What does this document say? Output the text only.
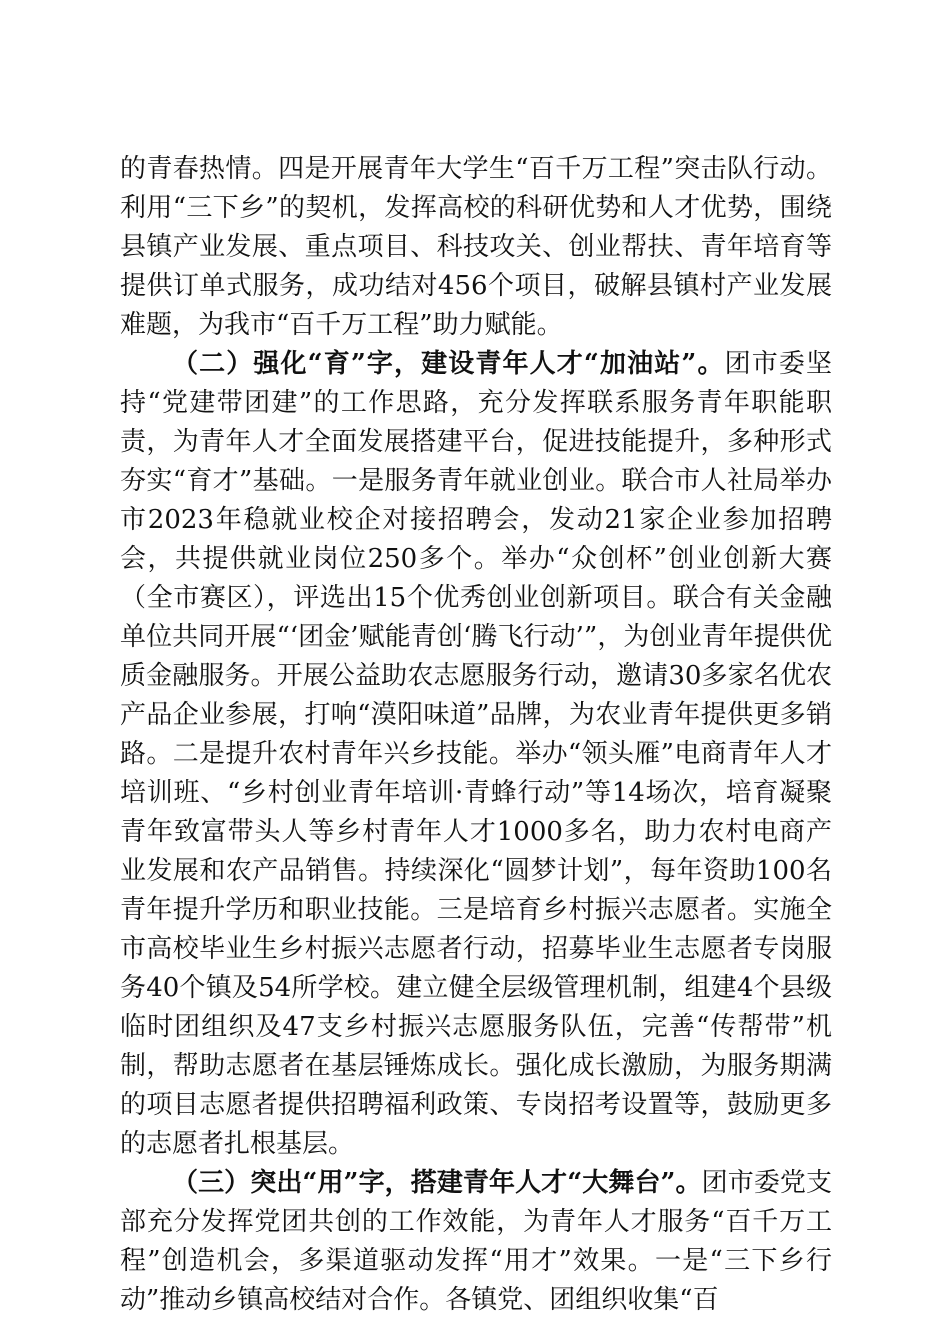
的青春热情。四是开展青年大学生“百千万工程”突击队行动。利用“三下乡”的契机，发挥高校的科研优势和人才优势，围绕县镇产业发展、重点项目、科技攻关、创业帮扶、青年培育等提供订单式服务，成功结对456个项目，破解县镇村产业发展难题，为我市“百千万工程”助力赋能。

（二）强化“育”字，建设青年人才“加油站”。团市委坚持“党建带团建”的工作思路，充分发挥联系服务青年职能职责，为青年人才全面发展搭建平台，促进技能提升，多种形式夯实“育才”基础。一是服务青年就业创业。联合市人社局举办市2023年稳就业校企对接招聘会，发动21家企业参加招聘会，共提供就业岗位250多个。举办“众创杯”创业创新大赛（全市赛区），评选出15个优秀创业创新项目。联合有关金融单位共同开展“‘团金’赋能青创‘腾飞行动’”，为创业青年提供优质金融服务。开展公益助农志愿服务行动，邀请30多家名优农产品企业参展，打响“漠阳味道”品牌，为农业青年提供更多销路。二是提升农村青年兴乡技能。举办“领头雁”电商青年人才培训班、“乡村创业青年培训·青蜂行动”等14场次，培育凝聚青年致富带头人等乡村青年人才1000多名，助力农村电商产业发展和农产品销售。持续深化“圆梦计划”，每年资助100名青年提升学历和职业技能。三是培育乡村振兴志愿者。实施全市高校毕业生乡村振兴志愿者行动，招募毕业生志愿者专岗服务40个镇及54所学校。建立健全层级管理机制，组建4个县级临时团组织及47支乡村振兴志愿服务队伍，完善“传帮带”机制，帮助志愿者在基层锤炼成长。强化成长激励，为服务期满的项目志愿者提供招聘福利政策、专岗招考设置等，鼓励更多的志愿者扎根基层。

（三）突出“用”字，搭建青年人才“大舞台”。团市委党支部充分发挥党团共创的工作效能，为青年人才服务“百千万工程”创造机会，多渠道驱动发挥“用才”效果。一是“三下乡行动”推动乡镇高校结对合作。各镇党、团组织收集“百
